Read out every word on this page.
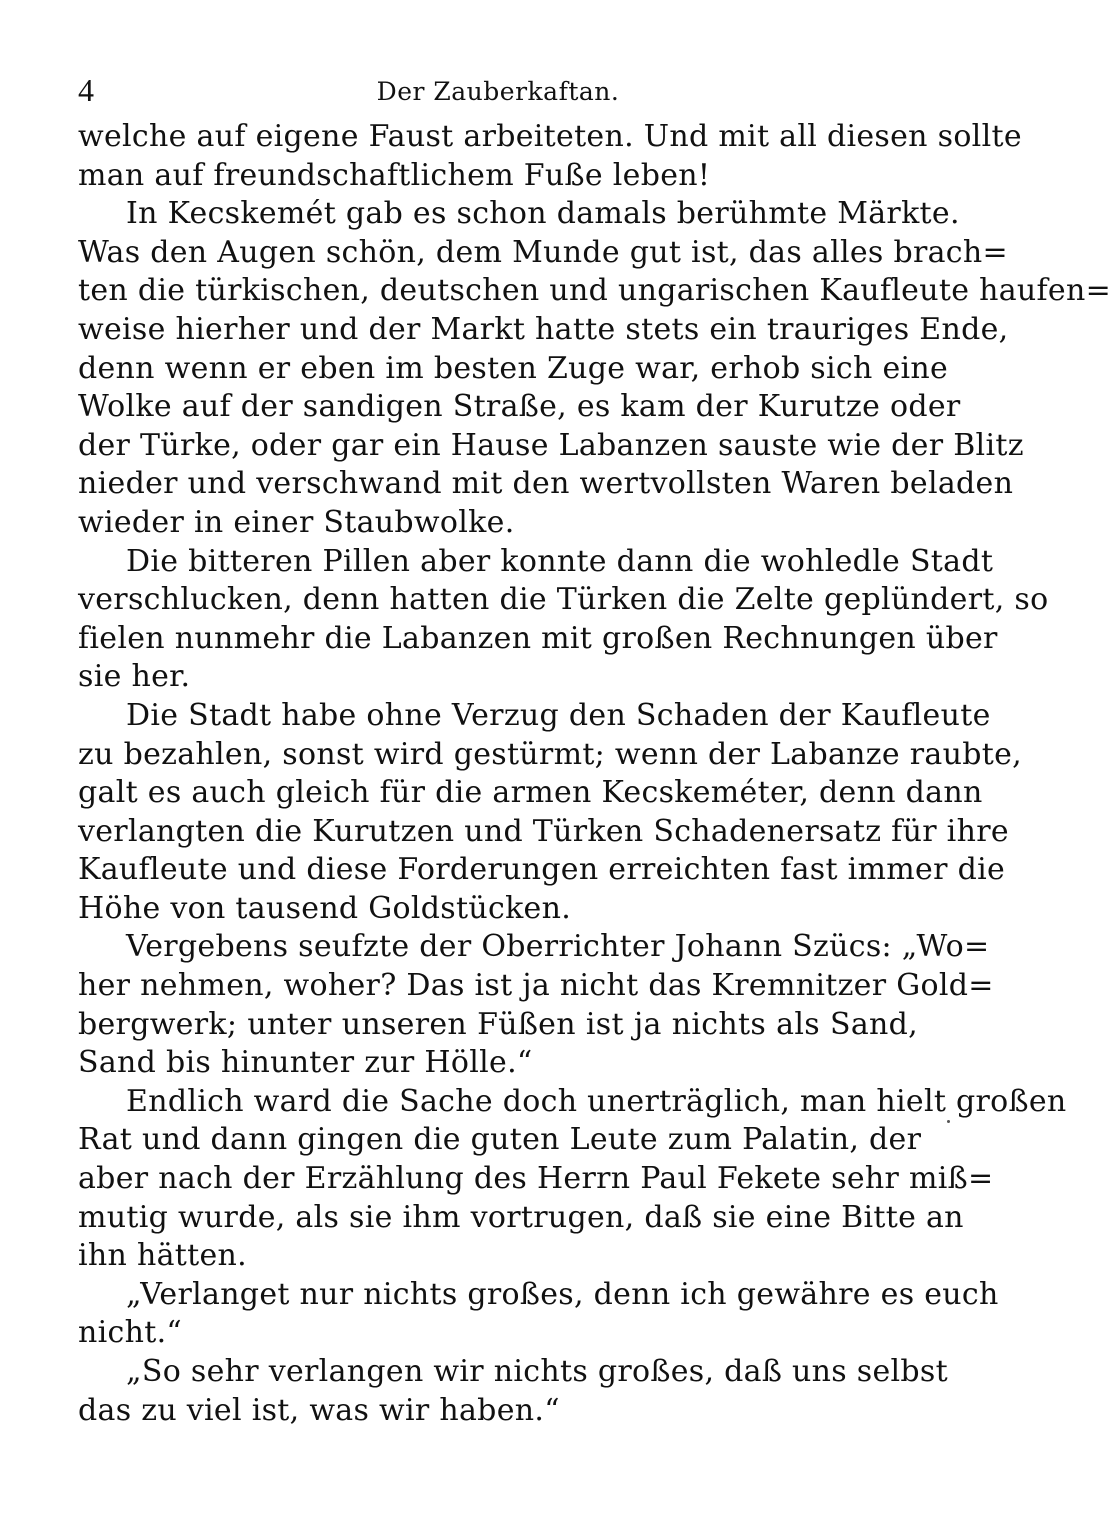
4	Der Zauberkaftan.
welche auf eigene Faust arbeiteten. Und mit all diesen sollte
man auf freundschaftlichem Fuße leben!
In Kecskemét gab es schon damals berühmte Märkte.
Was den Augen schön, dem Munde gut ist, das alles brach=
ten die türkischen, deutschen und ungarischen Kaufleute haufen=
weise hierher und der Markt hatte stets ein trauriges Ende,
denn wenn er eben im besten Zuge war, erhob sich eine
Wolke auf der sandigen Straße, es kam der Kurutze oder
der Türke, oder gar ein Hause Labanzen sauste wie der Blitz
nieder und verschwand mit den wertvollsten Waren beladen
wieder in einer Staubwolke.
Die bitteren Pillen aber konnte dann die wohledle Stadt
verschlucken, denn hatten die Türken die Zelte geplündert, so
fielen nunmehr die Labanzen mit großen Rechnungen über
sie her.
Die Stadt habe ohne Verzug den Schaden der Kaufleute
zu bezahlen, sonst wird gestürmt; wenn der Labanze raubte,
galt es auch gleich für die armen Kecskeméter, denn dann
verlangten die Kurutzen und Türken Schadenersatz für ihre
Kaufleute und diese Forderungen erreichten fast immer die
Höhe von tausend Goldstücken.
Vergebens seufzte der Oberrichter Johann Szücs: „Wo=
her nehmen, woher? Das ist ja nicht das Kremnitzer Gold=
bergwerk; unter unseren Füßen ist ja nichts als Sand,
Sand bis hinunter zur Hölle.“
Endlich ward die Sache doch unerträglich, man hielt großen
Rat und dann gingen die guten Leute zum Palatin, der
aber nach der Erzählung des Herrn Paul Fekete sehr miß=
mutig wurde, als sie ihm vortrugen, daß sie eine Bitte an
ihn hätten.
„Verlanget nur nichts großes, denn ich gewähre es euch
nicht.“
„So sehr verlangen wir nichts großes, daß uns selbst
das zu viel ist, was wir haben.“
